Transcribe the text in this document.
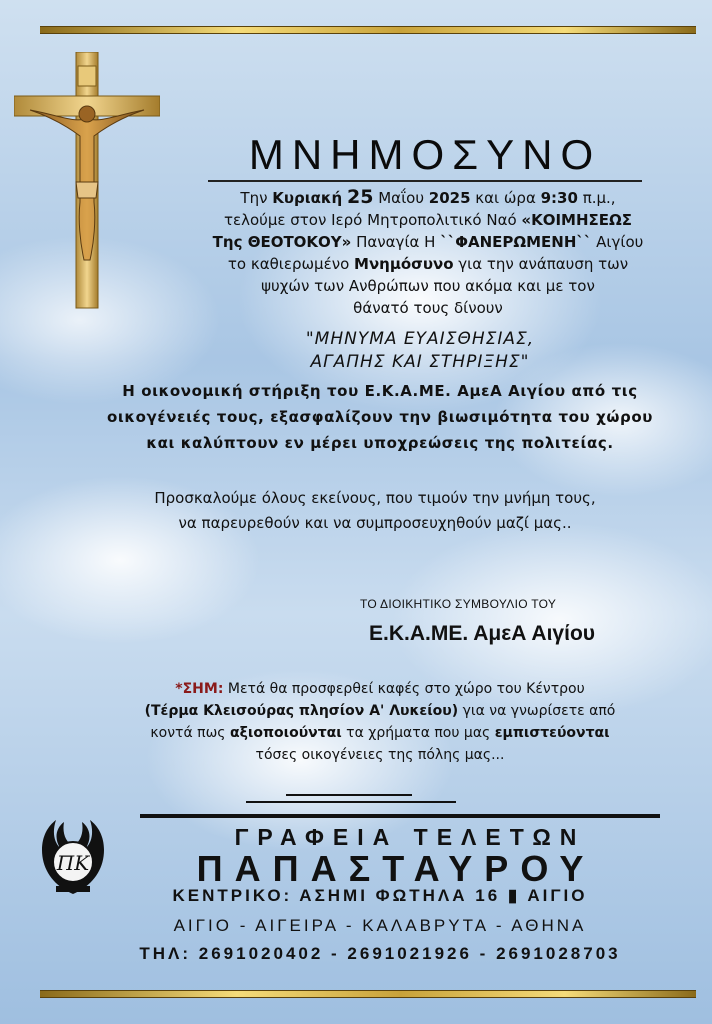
ΜΝΗΜΟΣΥΝΟ
Την Κυριακή 25 Μαΐου 2025 και ώρα 9:30 π.μ.,
τελούμε στον Ιερό Μητροπολιτικό Ναό «ΚΟΙΜΗΣΕΩΣ
Της ΘΕΟΤΟΚΟΥ» Παναγία Η ``ΦΑΝΕΡΩΜΕΝΗ`` Αιγίου
το καθιερωμένο Μνημόσυνο για την ανάπαυση των
ψυχών των Ανθρώπων που ακόμα και με τον
θάνατό τους δίνουν
"ΜΗΝΥΜΑ ΕΥΑΙΣΘΗΣΙΑΣ,
ΑΓΑΠΗΣ ΚΑΙ ΣΤΗΡΙΞΗΣ"
Η οικονομική στήριξη του Ε.Κ.Α.ΜΕ. ΑμεΑ Αιγίου από τις
οικογένειές τους, εξασφαλίζουν την βιωσιμότητα του χώρου
και καλύπτουν εν μέρει υποχρεώσεις της πολιτείας.
Προσκαλούμε όλους εκείνους, που τιμούν την μνήμη τους,
να παρευρεθούν και να συμπροσευχηθούν μαζί μας..
ΤΟ ΔΙΟΙΚΗΤΙΚΟ ΣΥΜΒΟΥΛΙΟ ΤΟΥ
Ε.Κ.Α.ΜΕ. ΑμεΑ Αιγίου
*ΣΗΜ: Μετά θα προσφερθεί καφές στο χώρο του Κέντρου
(Τέρμα Κλεισούρας πλησίον Α' Λυκείου) για να γνωρίσετε από
κοντά πως αξιοποιούνται τα χρήματα που μας εμπιστεύονται
τόσες οικογένειες της πόλης μας...
ΠΚ
ΓΡΑΦΕΙΑ ΤΕΛΕΤΩΝ
ΠΑΠΑΣΤΑΥΡΟΥ
ΚΕΝΤΡΙΚΟ: ΑΣΗΜΙ ΦΩΤΗΛΑ 16 ▮ ΑΙΓΙΟ
ΑΙΓΙΟ - ΑΙΓΕΙΡΑ - ΚΑΛΑΒΡΥΤΑ - ΑΘΗΝΑ
ΤΗΛ: 2691020402 - 2691021926 - 2691028703
